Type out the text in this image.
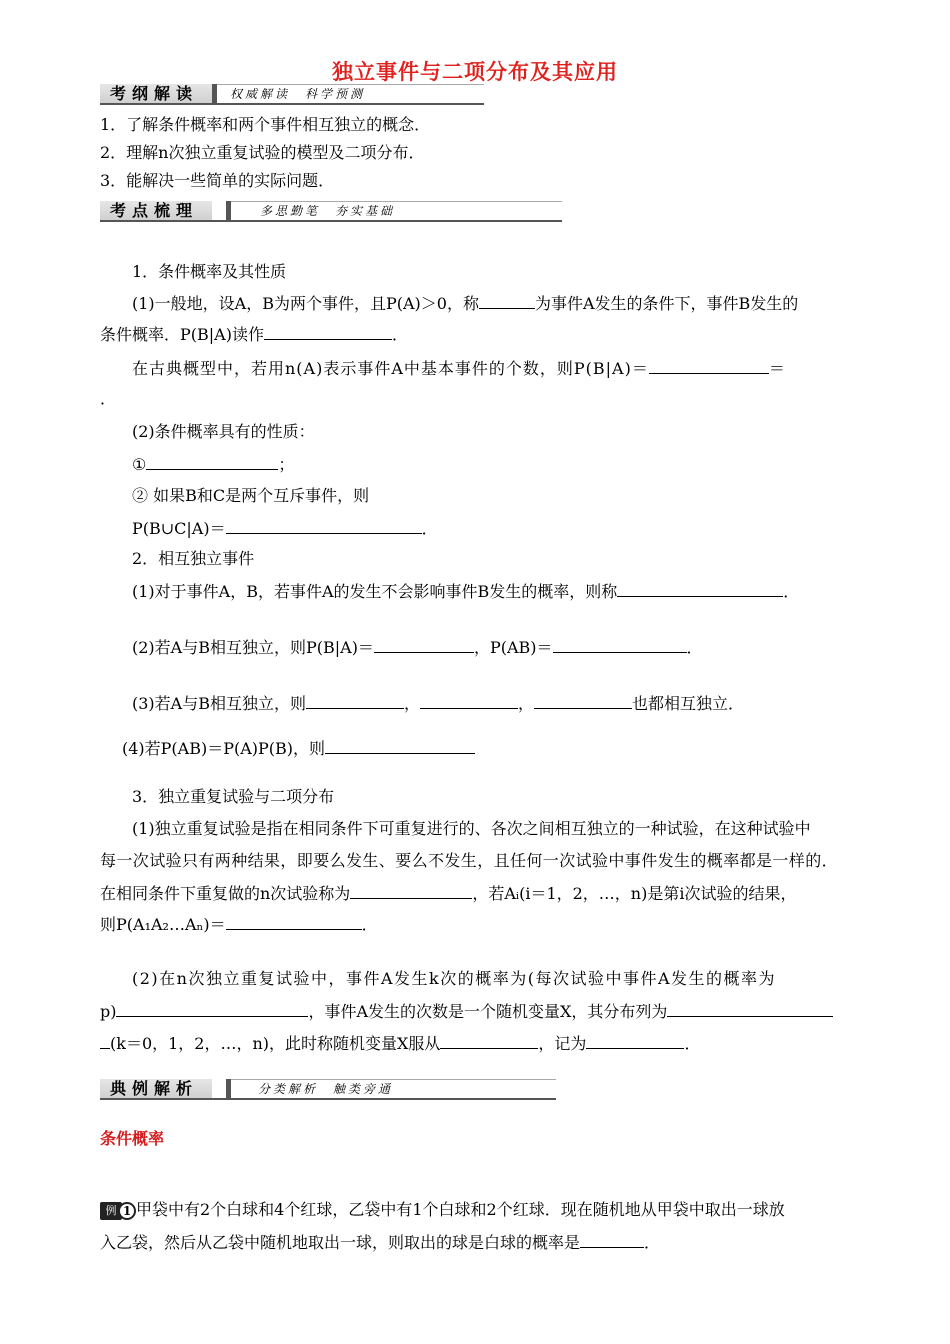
独立事件与二项分布及其应用
考纲解读	权威解读　科学预测
1．了解条件概率和两个事件相互独立的概念．
2．理解n次独立重复试验的模型及二项分布．
3．能解决一些简单的实际问题．
考点梳理	多思勤笔　夯实基础
1．条件概率及其性质
(1)一般地，设A，B为两个事件，且P(A)＞0，称	为事件A发生的条件下，事件B发生的
条件概率．P(B|A)读作	．
在古典概型中，若用n(A)表示事件A中基本事件的个数，则P(B|A)＝	＝
．
(2)条件概率具有的性质：
①	；
② 如果B和C是两个互斥事件，则
P(B∪C|A)＝	．
2．相互独立事件
(1)对于事件A，B，若事件A的发生不会影响事件B发生的概率，则称	．
(2)若A与B相互独立，则P(B|A)＝	，P(AB)＝	．
(3)若A与B相互独立，则	，	，	也都相互独立．
(4)若P(AB)＝P(A)P(B)，则
3．独立重复试验与二项分布
(1)独立重复试验是指在相同条件下可重复进行的、各次之间相互独立的一种试验，在这种试验中
每一次试验只有两种结果，即要么发生、要么不发生，且任何一次试验中事件发生的概率都是一样的．
在相同条件下重复做的n次试验称为	，若Aᵢ(i＝1，2，…，n)是第i次试验的结果，
则P(A₁A₂…Aₙ)＝	．
(2)在n次独立重复试验中，事件A发生k次的概率为(每次试验中事件A发生的概率为
p)	，事件A发生的次数是一个随机变量X，其分布列为
(k＝0，1，2，…，n)，此时称随机变量X服从	，记为	．
典例解析	分类解析　触类旁通
条件概率
例 1 甲袋中有2个白球和4个红球，乙袋中有1个白球和2个红球．现在随机地从甲袋中取出一球放
入乙袋，然后从乙袋中随机地取出一球，则取出的球是白球的概率是	．
